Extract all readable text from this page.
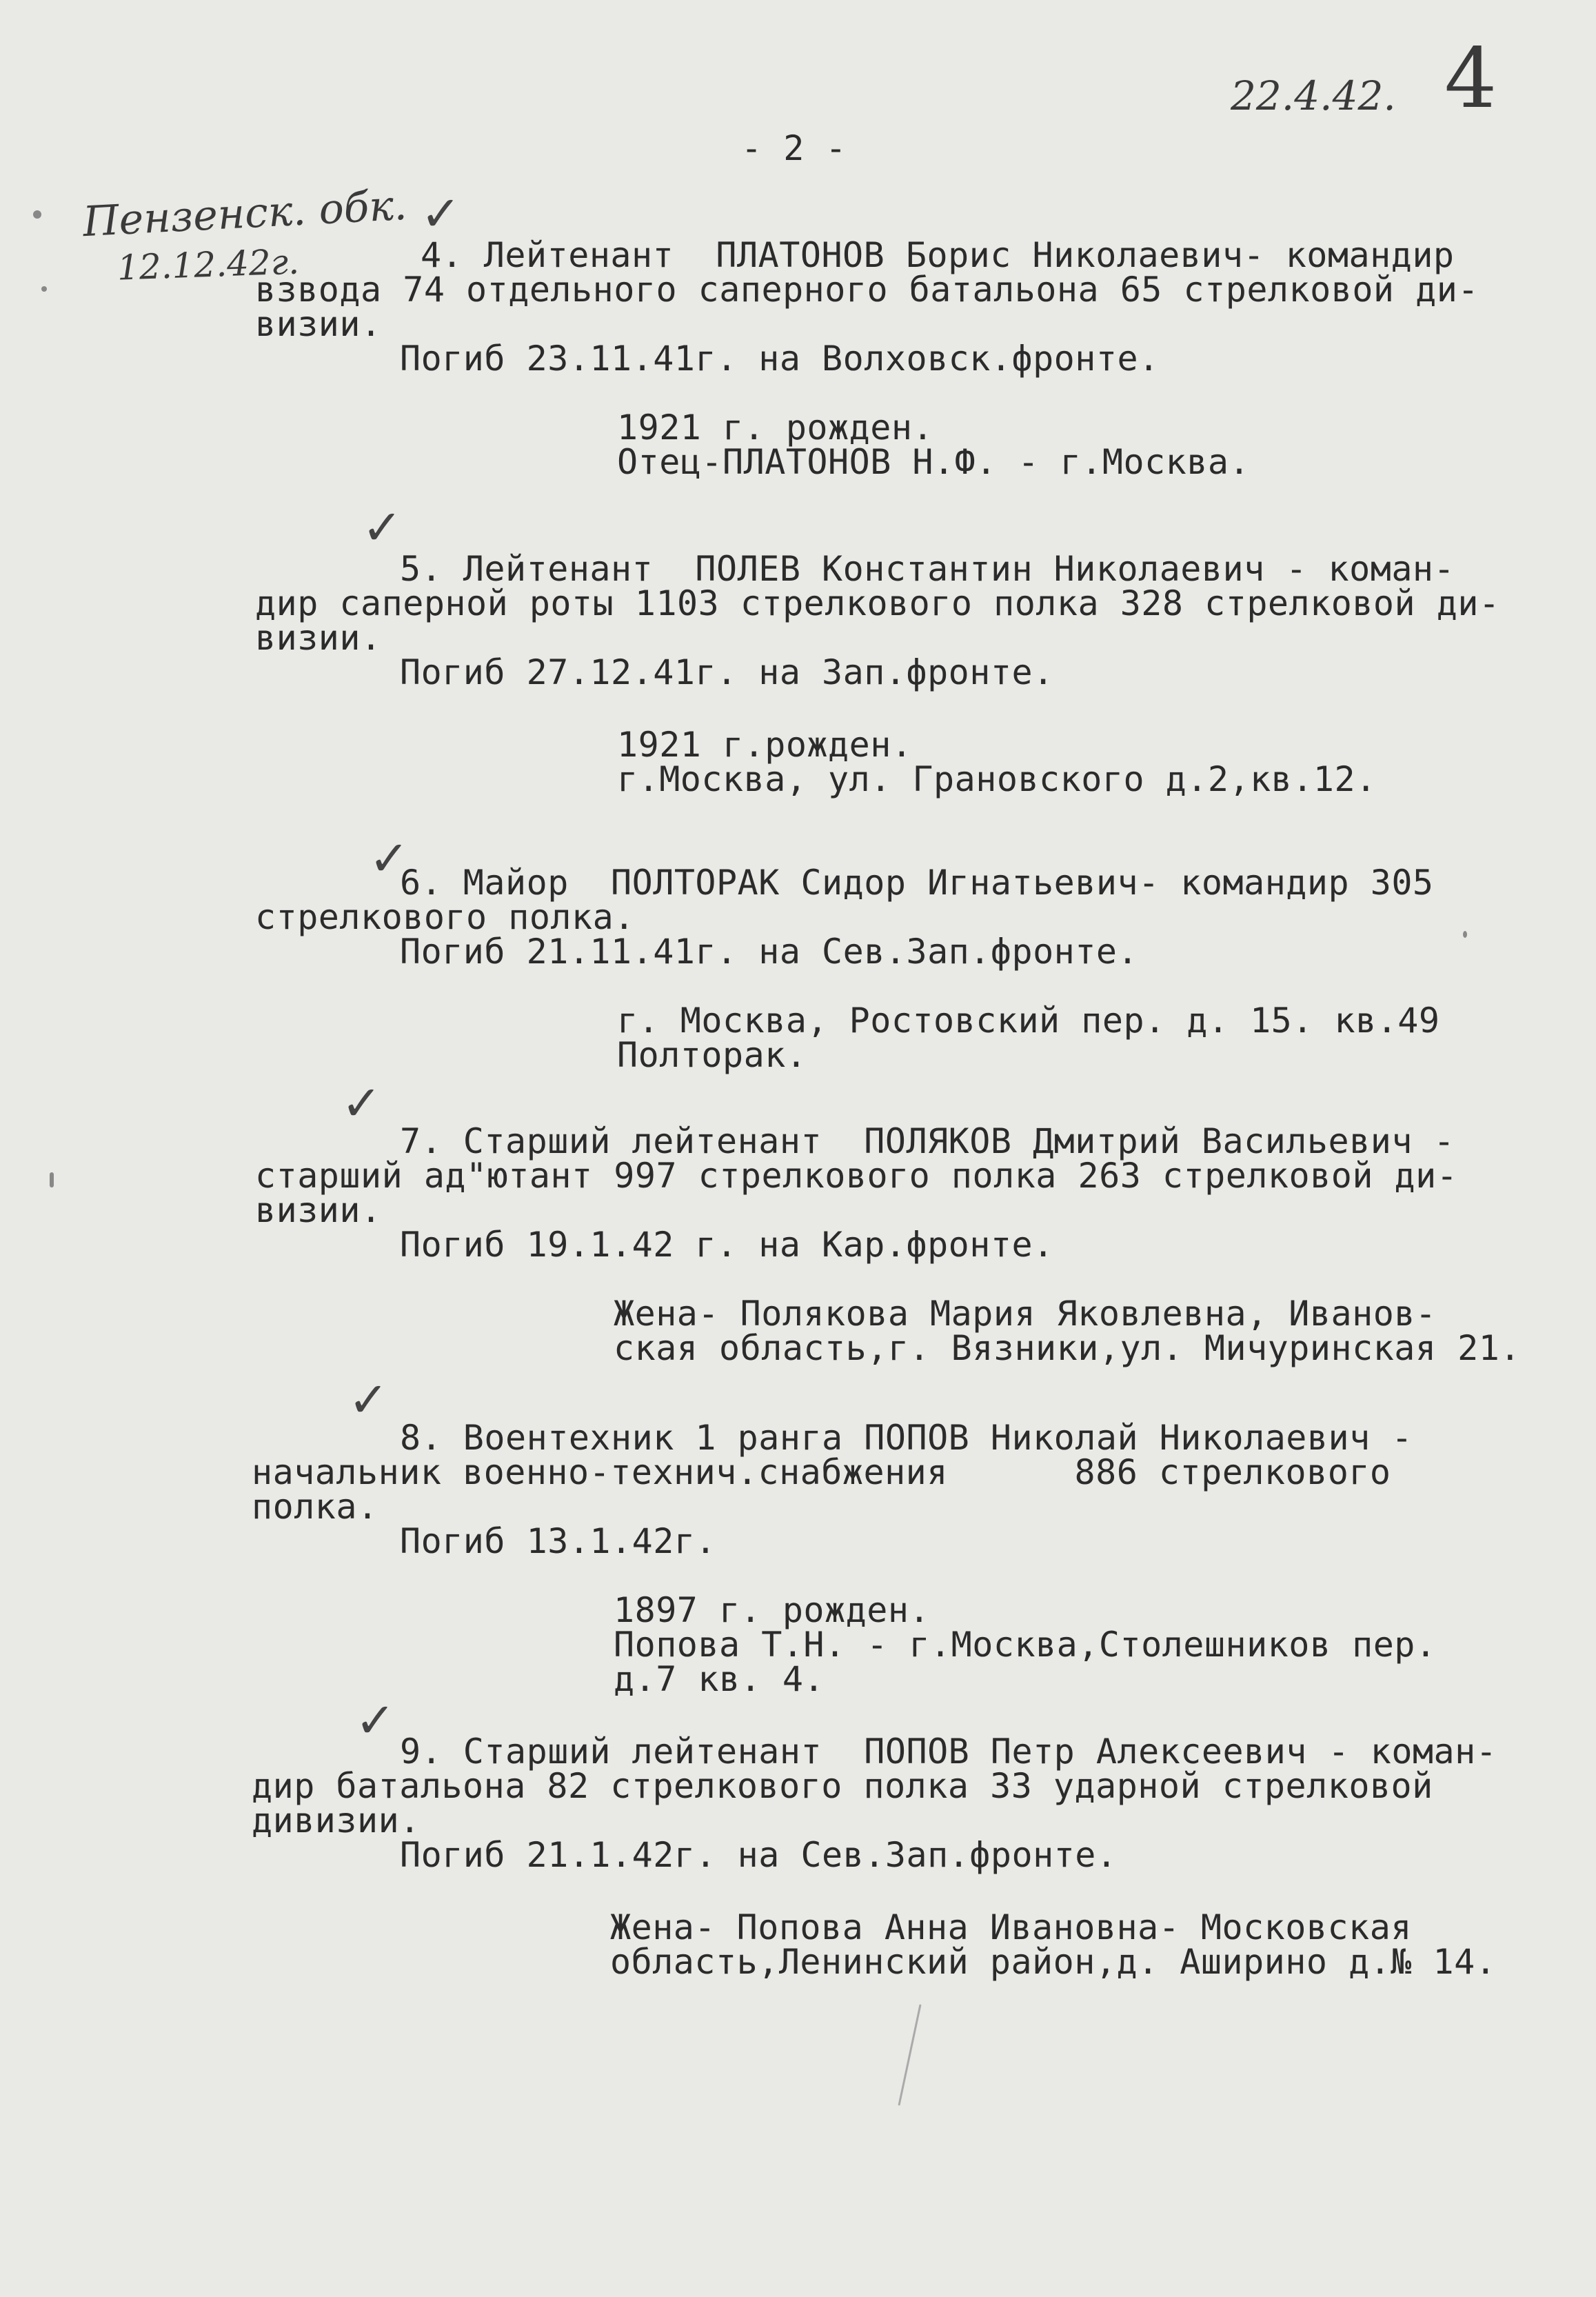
22.4.42. 4
- 2 -
Пензенск. обк.
12.12.42г.
✓
✓
✓
✓
✓
✓
4. Лейтенант  ПЛАТОНОВ Борис Николаевич- командир
взвода 74 отдельного саперного батальона 65 стрелковой ди-
визии.
Погиб 23.11.41г. на Волховск.фронте.
1921 г. рожден.
Отец-ПЛАТОНОВ Н.Ф. - г.Москва.
5. Лейтенант  ПОЛЕВ Константин Николаевич - коман-
дир саперной роты 1103 стрелкового полка 328 стрелковой ди-
визии.
Погиб 27.12.41г. на Зап.фронте.
1921 г.рожден.
г.Москва, ул. Грановского д.2,кв.12.
6. Майор  ПОЛТОРАК Сидор Игнатьевич- командир 305
стрелкового полка.
Погиб 21.11.41г. на Сев.Зап.фронте.
г. Москва, Ростовский пер. д. 15. кв.49
Полторак.
7. Старший лейтенант  ПОЛЯКОВ Дмитрий Васильевич -
старший ад"ютант 997 стрелкового полка 263 стрелковой ди-
визии.
Погиб 19.1.42 г. на Кар.фронте.
Жена- Полякова Мария Яковлевна, Иванов-
ская область,г. Вязники,ул. Мичуринская 21.
8. Воентехник 1 ранга ПОПОВ Николай Николаевич -
начальник военно-технич.снабжения      886 стрелкового
полка.
Погиб 13.1.42г.
1897 г. рожден.
Попова Т.Н. - г.Москва,Столешников пер.
д.7 кв. 4.
9. Старший лейтенант  ПОПОВ Петр Алексеевич - коман-
дир батальона 82 стрелкового полка 33 ударной стрелковой
дивизии.
Погиб 21.1.42г. на Сев.Зап.фронте.
Жена- Попова Анна Ивановна- Московская
область,Ленинский район,д. Аширино д.№ 14.
